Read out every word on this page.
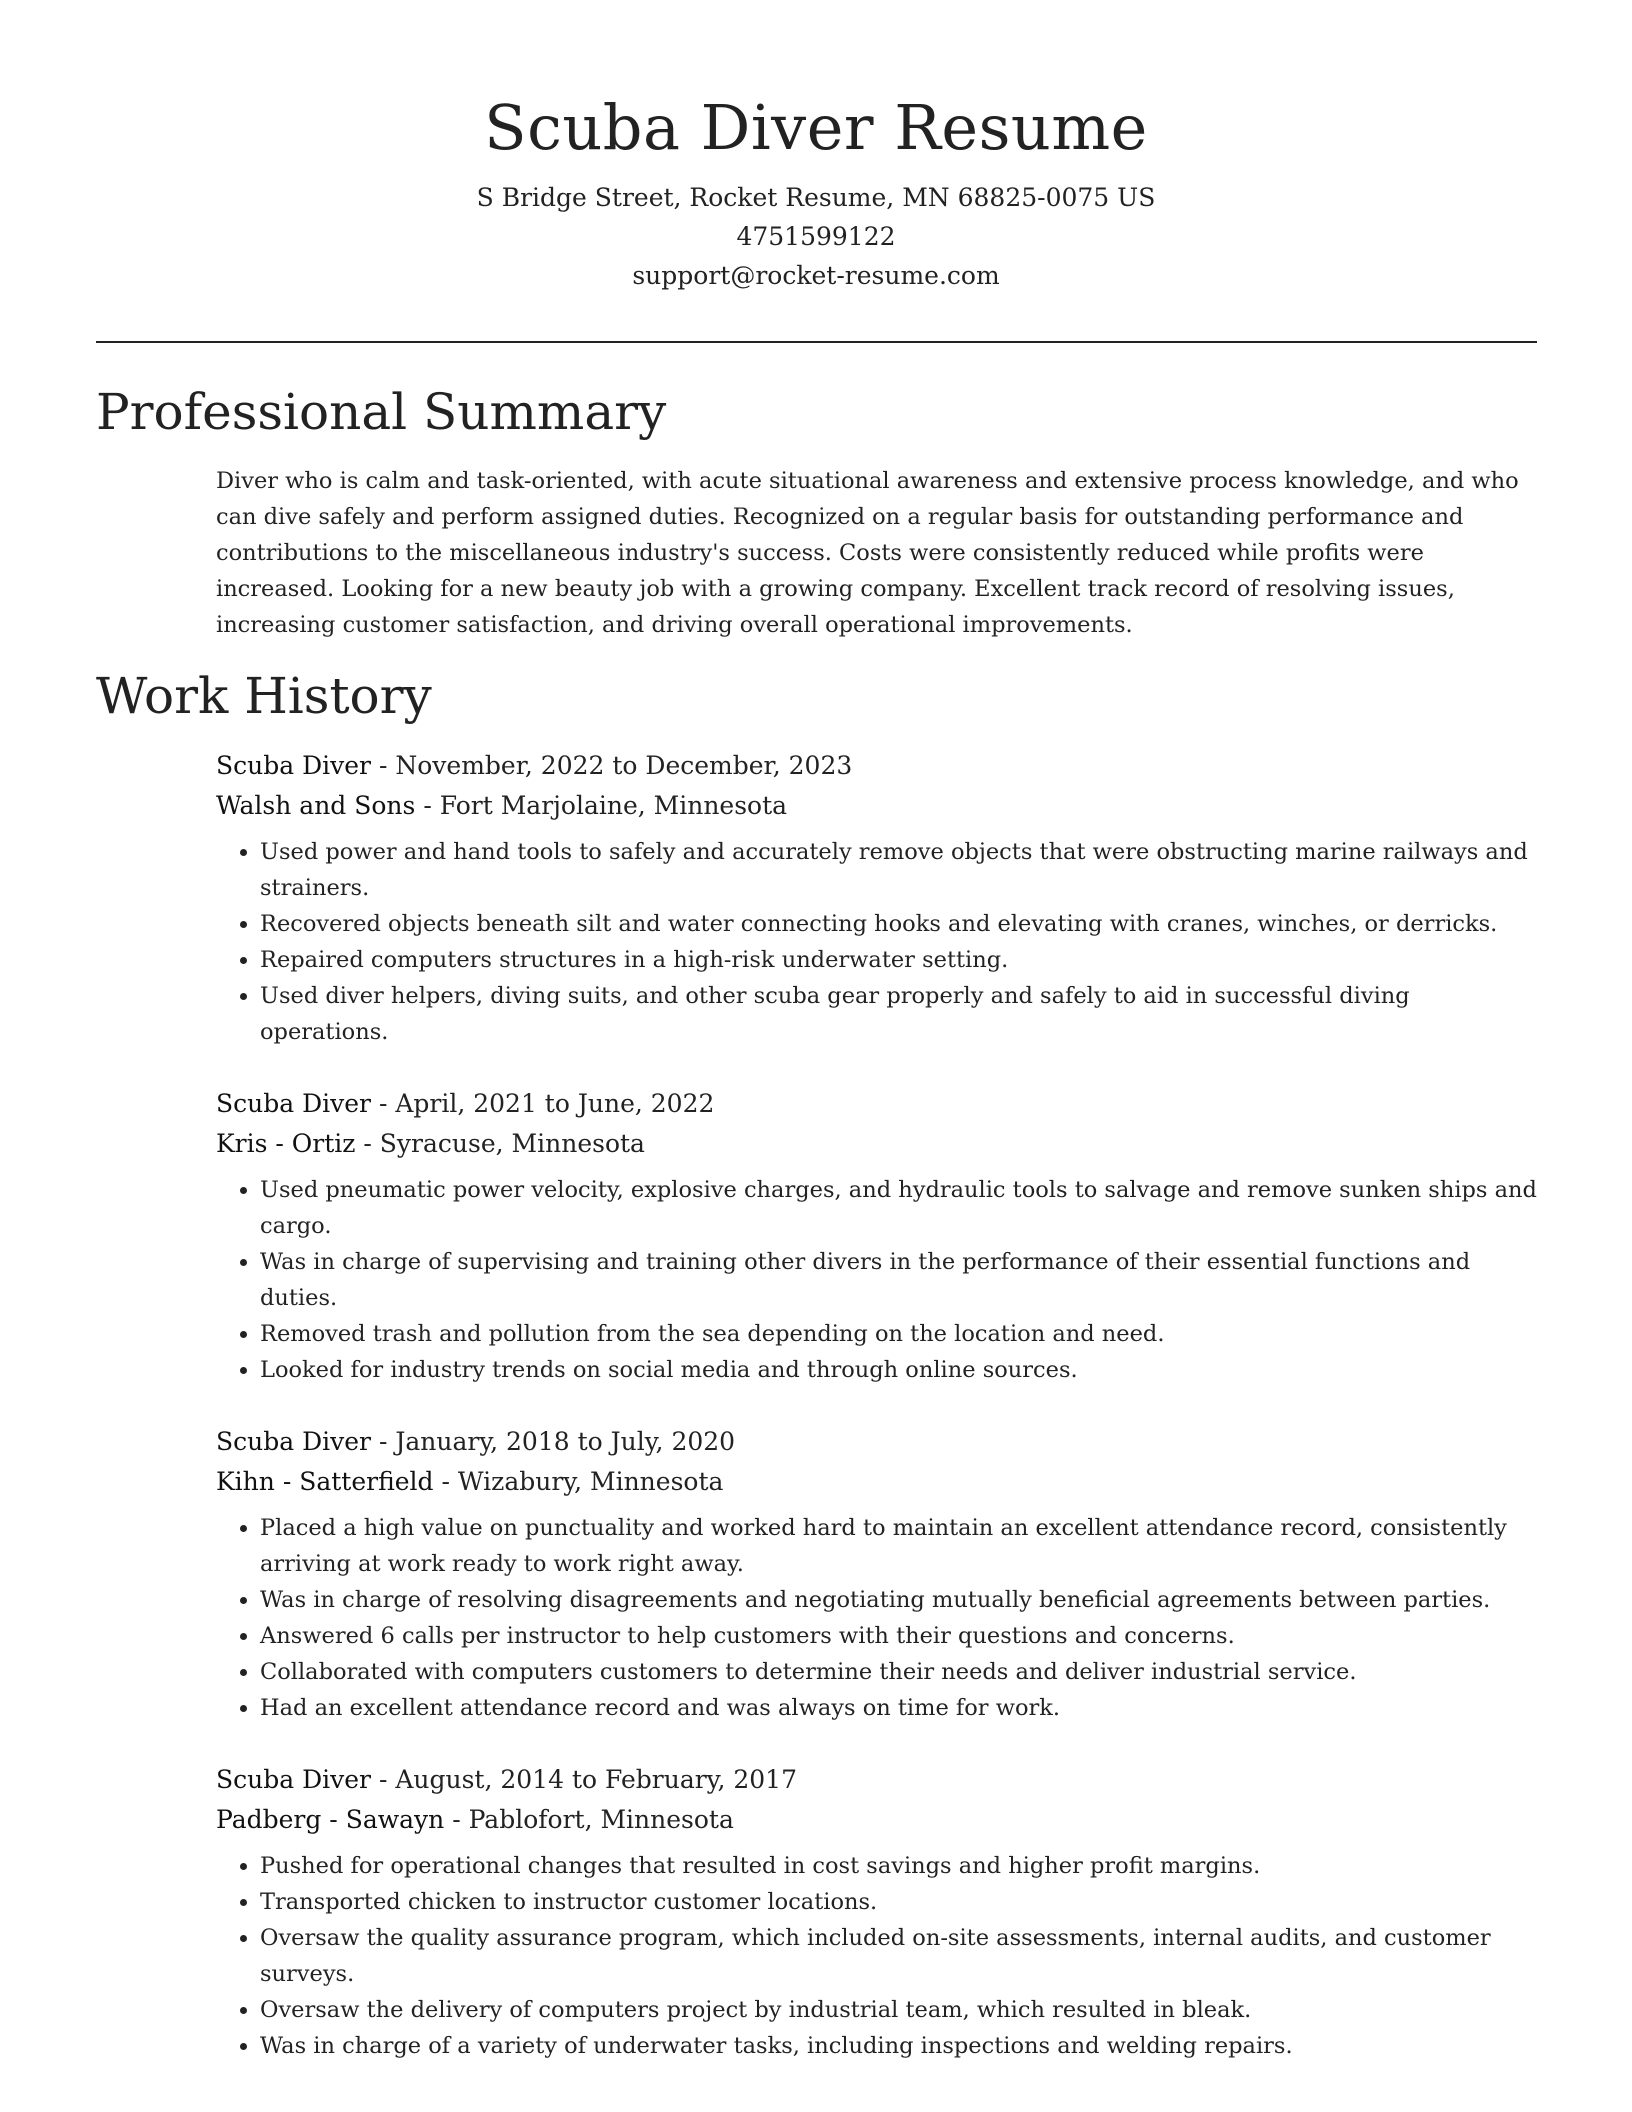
Scuba Diver Resume
S Bridge Street, Rocket Resume, MN 68825-0075 US
4751599122
support@rocket-resume.com
Professional Summary

Diver who is calm and task-oriented, with acute situational awareness and extensive process knowledge, and who can dive safely and perform assigned duties. Recognized on a regular basis for outstanding performance and contributions to the miscellaneous industry's success. Costs were consistently reduced while profits were increased. Looking for a new beauty job with a growing company. Excellent track record of resolving issues, increasing customer satisfaction, and driving overall operational improvements.

Work History
Scuba Diver - November, 2022 to December, 2023
Walsh and Sons - Fort Marjolaine, Minnesota
• Used power and hand tools to safely and accurately remove objects that were obstructing marine railways and strainers.
• Recovered objects beneath silt and water connecting hooks and elevating with cranes, winches, or derricks.
• Repaired computers structures in a high-risk underwater setting.
• Used diver helpers, diving suits, and other scuba gear properly and safely to aid in successful diving operations.
Scuba Diver - April, 2021 to June, 2022
Kris - Ortiz - Syracuse, Minnesota
• Used pneumatic power velocity, explosive charges, and hydraulic tools to salvage and remove sunken ships and cargo.
• Was in charge of supervising and training other divers in the performance of their essential functions and duties.
• Removed trash and pollution from the sea depending on the location and need.
• Looked for industry trends on social media and through online sources.
Scuba Diver - January, 2018 to July, 2020
Kihn - Satterfield - Wizabury, Minnesota
• Placed a high value on punctuality and worked hard to maintain an excellent attendance record, consistently arriving at work ready to work right away.
• Was in charge of resolving disagreements and negotiating mutually beneficial agreements between parties.
• Answered 6 calls per instructor to help customers with their questions and concerns.
• Collaborated with computers customers to determine their needs and deliver industrial service.
• Had an excellent attendance record and was always on time for work.
Scuba Diver - August, 2014 to February, 2017
Padberg - Sawayn - Pablofort, Minnesota
• Pushed for operational changes that resulted in cost savings and higher profit margins.
• Transported chicken to instructor customer locations.
• Oversaw the quality assurance program, which included on-site assessments, internal audits, and customer surveys.
• Oversaw the delivery of computers project by industrial team, which resulted in bleak.
• Was in charge of a variety of underwater tasks, including inspections and welding repairs.
